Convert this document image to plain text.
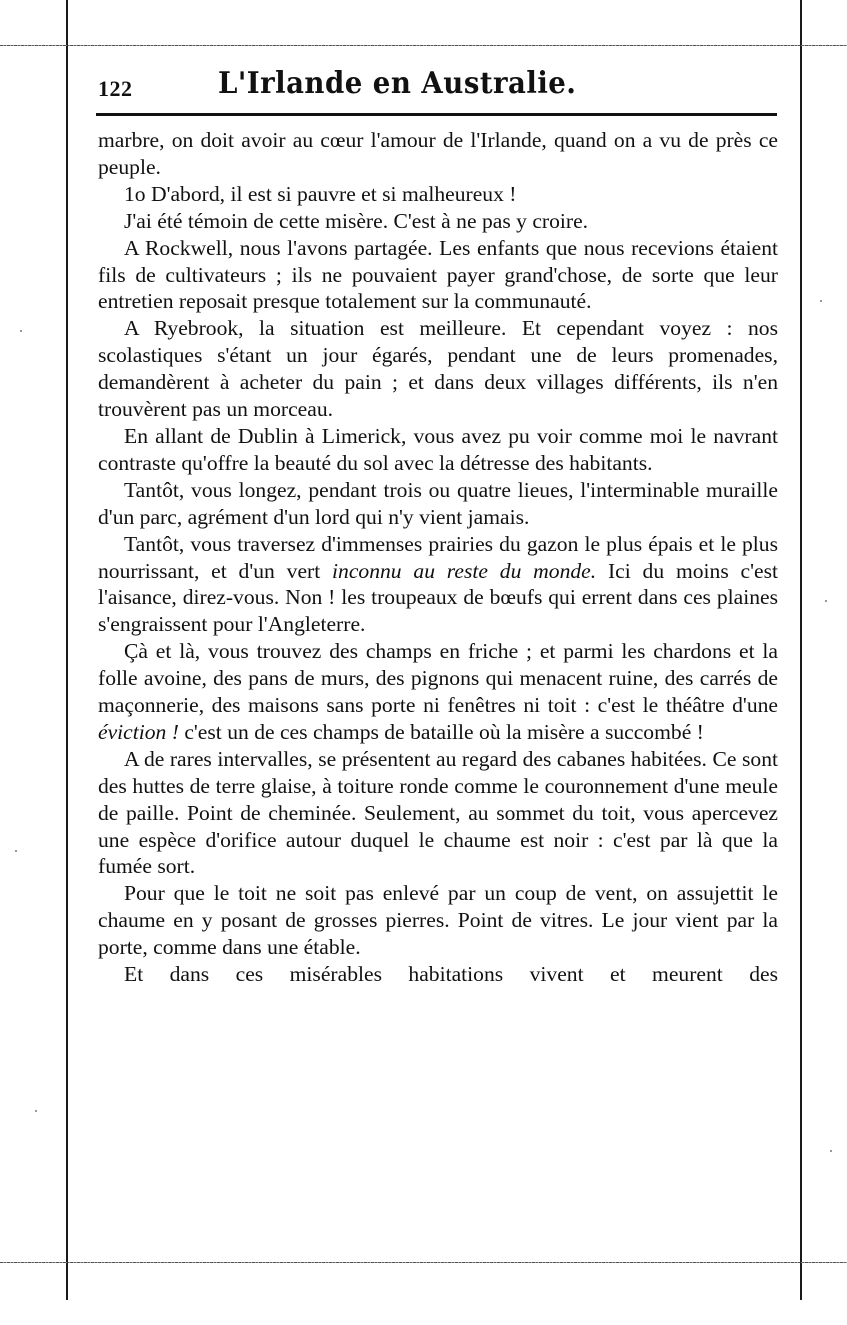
122	L'Irlande en Australie.

marbre, on doit avoir au cœur l'amour de l'Irlande, quand on a vu de près ce peuple.

1o D'abord, il est si pauvre et si malheureux !

J'ai été témoin de cette misère. C'est à ne pas y croire.

A Rockwell, nous l'avons partagée. Les enfants que nous recevions étaient fils de cultivateurs ; ils ne pouvaient payer grand'chose, de sorte que leur entretien reposait presque totalement sur la communauté.

A Ryebrook, la situation est meilleure. Et cependant voyez : nos scolastiques s'étant un jour égarés, pendant une de leurs promenades, demandèrent à acheter du pain ; et dans deux villages différents, ils n'en trouvèrent pas un morceau.

En allant de Dublin à Limerick, vous avez pu voir comme moi le navrant contraste qu'offre la beauté du sol avec la détresse des habitants.

Tantôt, vous longez, pendant trois ou quatre lieues, l'interminable muraille d'un parc, agrément d'un lord qui n'y vient jamais.

Tantôt, vous traversez d'immenses prairies du gazon le plus épais et le plus nourrissant, et d'un vert inconnu au reste du monde. Ici du moins c'est l'aisance, direz-vous. Non ! les troupeaux de bœufs qui errent dans ces plaines s'engraissent pour l'Angleterre.

Çà et là, vous trouvez des champs en friche ; et parmi les chardons et la folle avoine, des pans de murs, des pignons qui menacent ruine, des carrés de maçonnerie, des maisons sans porte ni fenêtres ni toit : c'est le théâtre d'une éviction ! c'est un de ces champs de bataille où la misère a succombé !

A de rares intervalles, se présentent au regard des cabanes habitées. Ce sont des huttes de terre glaise, à toiture ronde comme le couronnement d'une meule de paille. Point de cheminée. Seulement, au sommet du toit, vous apercevez une espèce d'orifice autour duquel le chaume est noir : c'est par là que la fumée sort.

Pour que le toit ne soit pas enlevé par un coup de vent, on assujettit le chaume en y posant de grosses pierres. Point de vitres. Le jour vient par la porte, comme dans une étable.

Et dans ces misérables habitations vivent et meurent des
